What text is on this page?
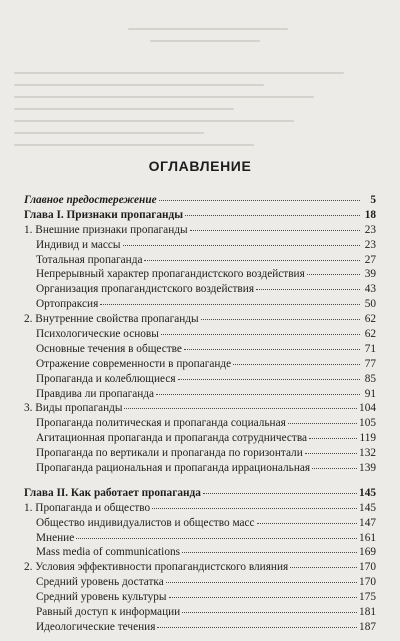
ОГЛАВЛЕНИЕ
Главное предостережение	5
Глава I. Признаки пропаганды	18
1. Внешние признаки пропаганды	23
Индивид и массы	23
Тотальная пропаганда	27
Непрерывный характер пропагандистского воздействия	39
Организация пропагандистского воздействия	43
Ортопраксия	50
2. Внутренние свойства пропаганды	62
Психологические основы	62
Основные течения в обществе	71
Отражение современности в пропаганде	77
Пропаганда и колеблющиеся	85
Правдива ли пропаганда	91
3. Виды пропаганды	104
Пропаганда политическая и пропаганда социальная	105
Агитационная пропаганда и пропаганда сотрудничества	119
Пропаганда по вертикали и пропаганда по горизонтали	132
Пропаганда рациональная и пропаганда иррациональная	139
Глава II. Как работает пропаганда	145
1. Пропаганда и общество	145
Общество индивидуалистов и общество масс	147
Мнение	161
Mass media of communications	169
2. Условия эффективности пропагандистского влияния	170
Средний уровень достатка	170
Средний уровень культуры	175
Равный доступ к информации	181
Идеологические течения	187
